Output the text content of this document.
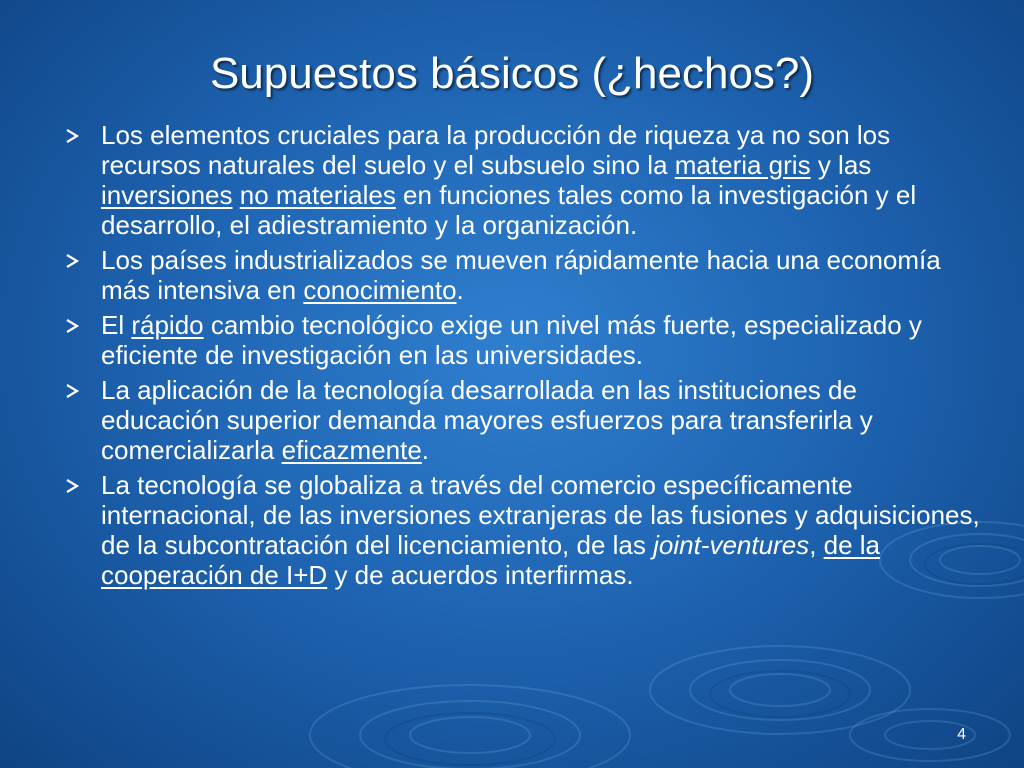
Supuestos básicos (¿hechos?)
Los elementos cruciales para la producción de riqueza ya no son los recursos naturales del suelo y el subsuelo sino la materia gris y las inversiones no materiales en funciones tales como la investigación y el desarrollo, el adiestramiento y la organización.
Los países industrializados se mueven rápidamente hacia una economía más intensiva en conocimiento.
El rápido cambio tecnológico exige un nivel más fuerte, especializado y eficiente de investigación en las universidades.
La aplicación de la tecnología desarrollada en las instituciones de educación superior demanda mayores esfuerzos para transferirla y comercializarla eficazmente.
La tecnología se globaliza a través del comercio específicamente internacional, de las inversiones extranjeras de las fusiones y adquisiciones, de la subcontratación del licenciamiento, de las joint-ventures, de la cooperación de I+D y de acuerdos interfirmas.
4
